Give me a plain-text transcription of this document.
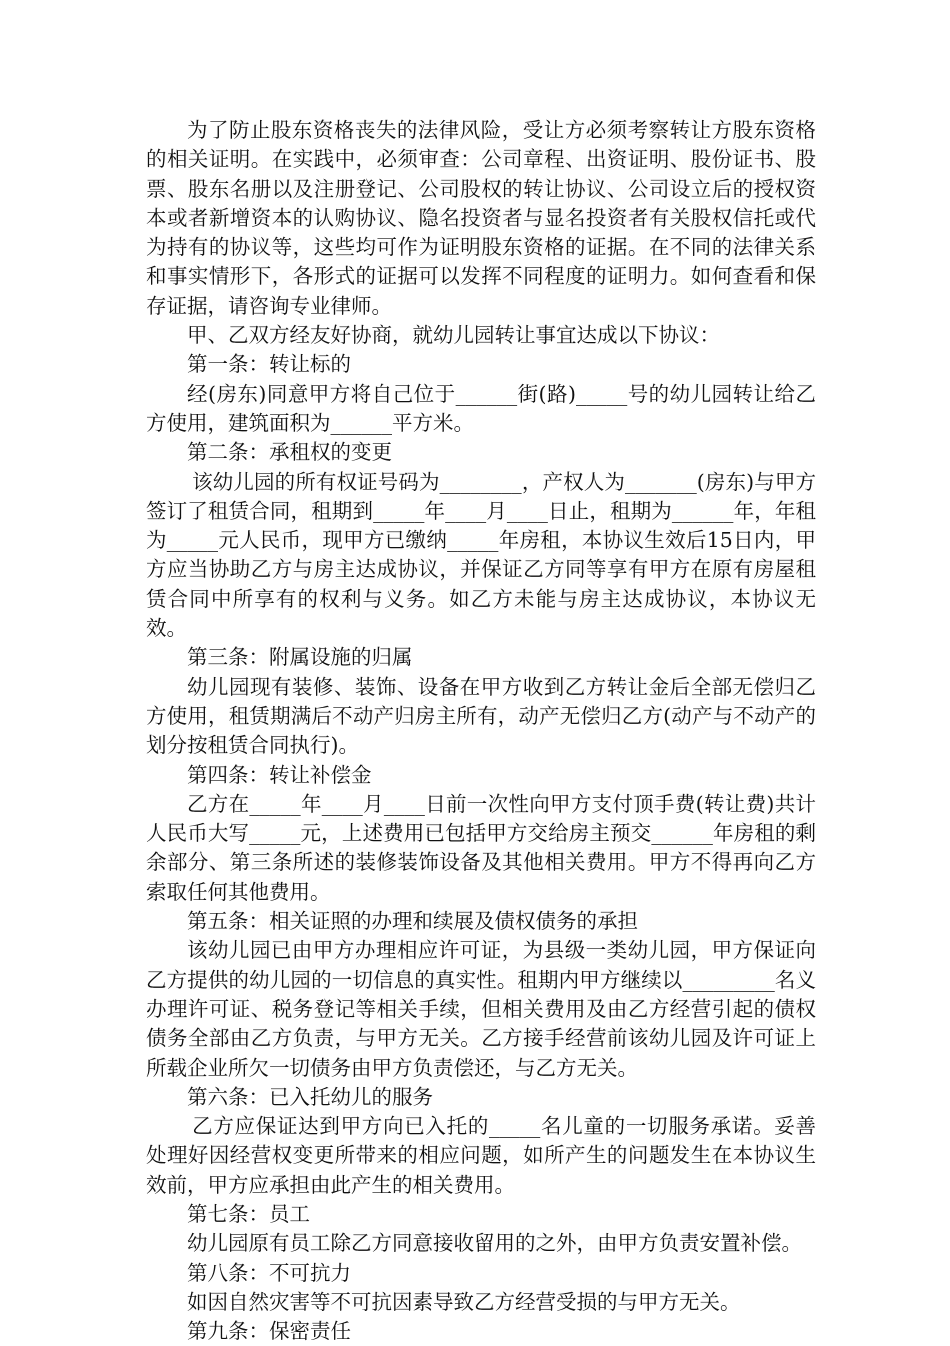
为了防止股东资格丧失的法律风险，受让方必须考察转让方股东资格的相关证明。在实践中，必须审查：公司章程、出资证明、股份证书、股票、股东名册以及注册登记、公司股权的转让协议、公司设立后的授权资本或者新增资本的认购协议、隐名投资者与显名投资者有关股权信托或代为持有的协议等，这些均可作为证明股东资格的证据。在不同的法律关系和事实情形下，各形式的证据可以发挥不同程度的证明力。如何查看和保存证据，请咨询专业律师。

甲、乙双方经友好协商，就幼儿园转让事宜达成以下协议：

第一条：转让标的

经(房东)同意甲方将自己位于______街(路)_____号的幼儿园转让给乙方使用，建筑面积为______平方米。

第二条：承租权的变更

该幼儿园的所有权证号码为________，产权人为_______(房东)与甲方签订了租赁合同，租期到_____年____月____日止，租期为______年，年租为_____元人民币，现甲方已缴纳_____年房租，本协议生效后15日内，甲方应当协助乙方与房主达成协议，并保证乙方同等享有甲方在原有房屋租赁合同中所享有的权利与义务。如乙方未能与房主达成协议，本协议无效。

第三条：附属设施的归属

幼儿园现有装修、装饰、设备在甲方收到乙方转让金后全部无偿归乙方使用，租赁期满后不动产归房主所有，动产无偿归乙方(动产与不动产的划分按租赁合同执行)。

第四条：转让补偿金

乙方在_____年____月____日前一次性向甲方支付顶手费(转让费)共计人民币大写_____元，上述费用已包括甲方交给房主预交______年房租的剩余部分、第三条所述的装修装饰设备及其他相关费用。甲方不得再向乙方索取任何其他费用。

第五条：相关证照的办理和续展及债权债务的承担

该幼儿园已由甲方办理相应许可证，为县级一类幼儿园，甲方保证向乙方提供的幼儿园的一切信息的真实性。租期内甲方继续以_________名义办理许可证、税务登记等相关手续，但相关费用及由乙方经营引起的债权债务全部由乙方负责，与甲方无关。乙方接手经营前该幼儿园及许可证上所载企业所欠一切债务由甲方负责偿还，与乙方无关。

第六条：已入托幼儿的服务

乙方应保证达到甲方向已入托的_____名儿童的一切服务承诺。妥善处理好因经营权变更所带来的相应问题，如所产生的问题发生在本协议生效前，甲方应承担由此产生的相关费用。

第七条：员工

幼儿园原有员工除乙方同意接收留用的之外，由甲方负责安置补偿。

第八条：不可抗力

如因自然灾害等不可抗因素导致乙方经营受损的与甲方无关。

第九条：保密责任
